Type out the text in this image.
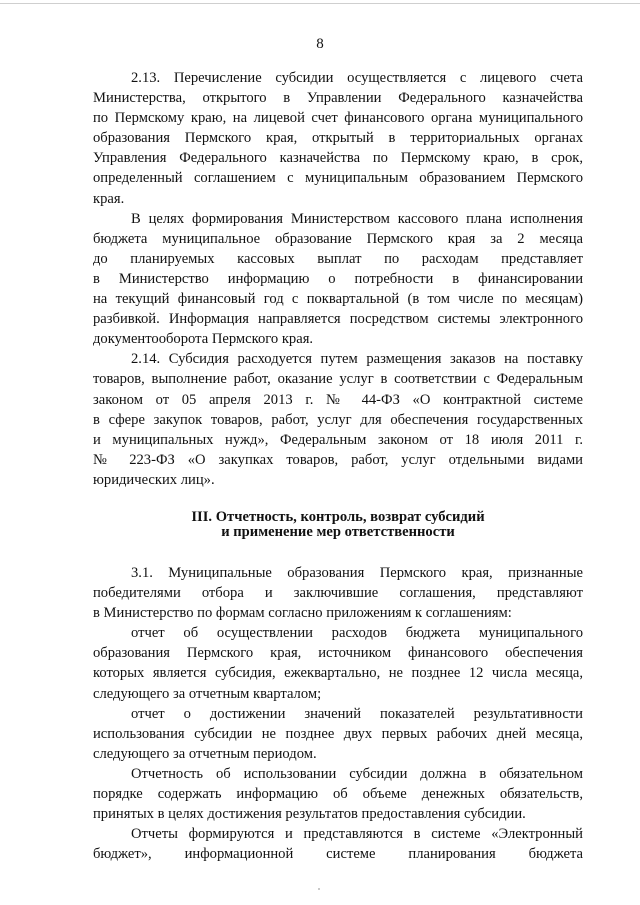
8
2.13. Перечисление субсидии осуществляется с лицевого счета
Министерства, открытого в Управлении Федерального казначейства
по Пермскому краю, на лицевой счет финансового органа муниципального
образования Пермского края, открытый в территориальных органах
Управления Федерального казначейства по Пермскому краю, в срок,
определенный соглашением с муниципальным образованием Пермского
края.
В целях формирования Министерством кассового плана исполнения
бюджета муниципальное образование Пермского края за 2 месяца
до планируемых кассовых выплат по расходам представляет
в Министерство информацию о потребности в финансировании
на текущий финансовый год с поквартальной (в том числе по месяцам)
разбивкой. Информация направляется посредством системы электронного
документооборота Пермского края.
2.14. Субсидия расходуется путем размещения заказов на поставку
товаров, выполнение работ, оказание услуг в соответствии с Федеральным
законом от 05 апреля 2013 г. № 44-ФЗ «О контрактной системе
в сфере закупок товаров, работ, услуг для обеспечения государственных
и муниципальных нужд», Федеральным законом от 18 июля 2011 г.
№ 223-ФЗ «О закупках товаров, работ, услуг отдельными видами
юридических лиц».
III. Отчетность, контроль, возврат субсидий
и применение мер ответственности
3.1. Муниципальные образования Пермского края, признанные
победителями отбора и заключившие соглашения, представляют
в Министерство по формам согласно приложениям к соглашениям:
отчет об осуществлении расходов бюджета муниципального
образования Пермского края, источником финансового обеспечения
которых является субсидия, ежеквартально, не позднее 12 числа месяца,
следующего за отчетным кварталом;
отчет о достижении значений показателей результативности
использования субсидии не позднее двух первых рабочих дней месяца,
следующего за отчетным периодом.
Отчетность об использовании субсидии должна в обязательном
порядке содержать информацию об объеме денежных обязательств,
принятых в целях достижения результатов предоставления субсидии.
Отчеты формируются и представляются в системе «Электронный
бюджет», информационной системе планирования бюджета
